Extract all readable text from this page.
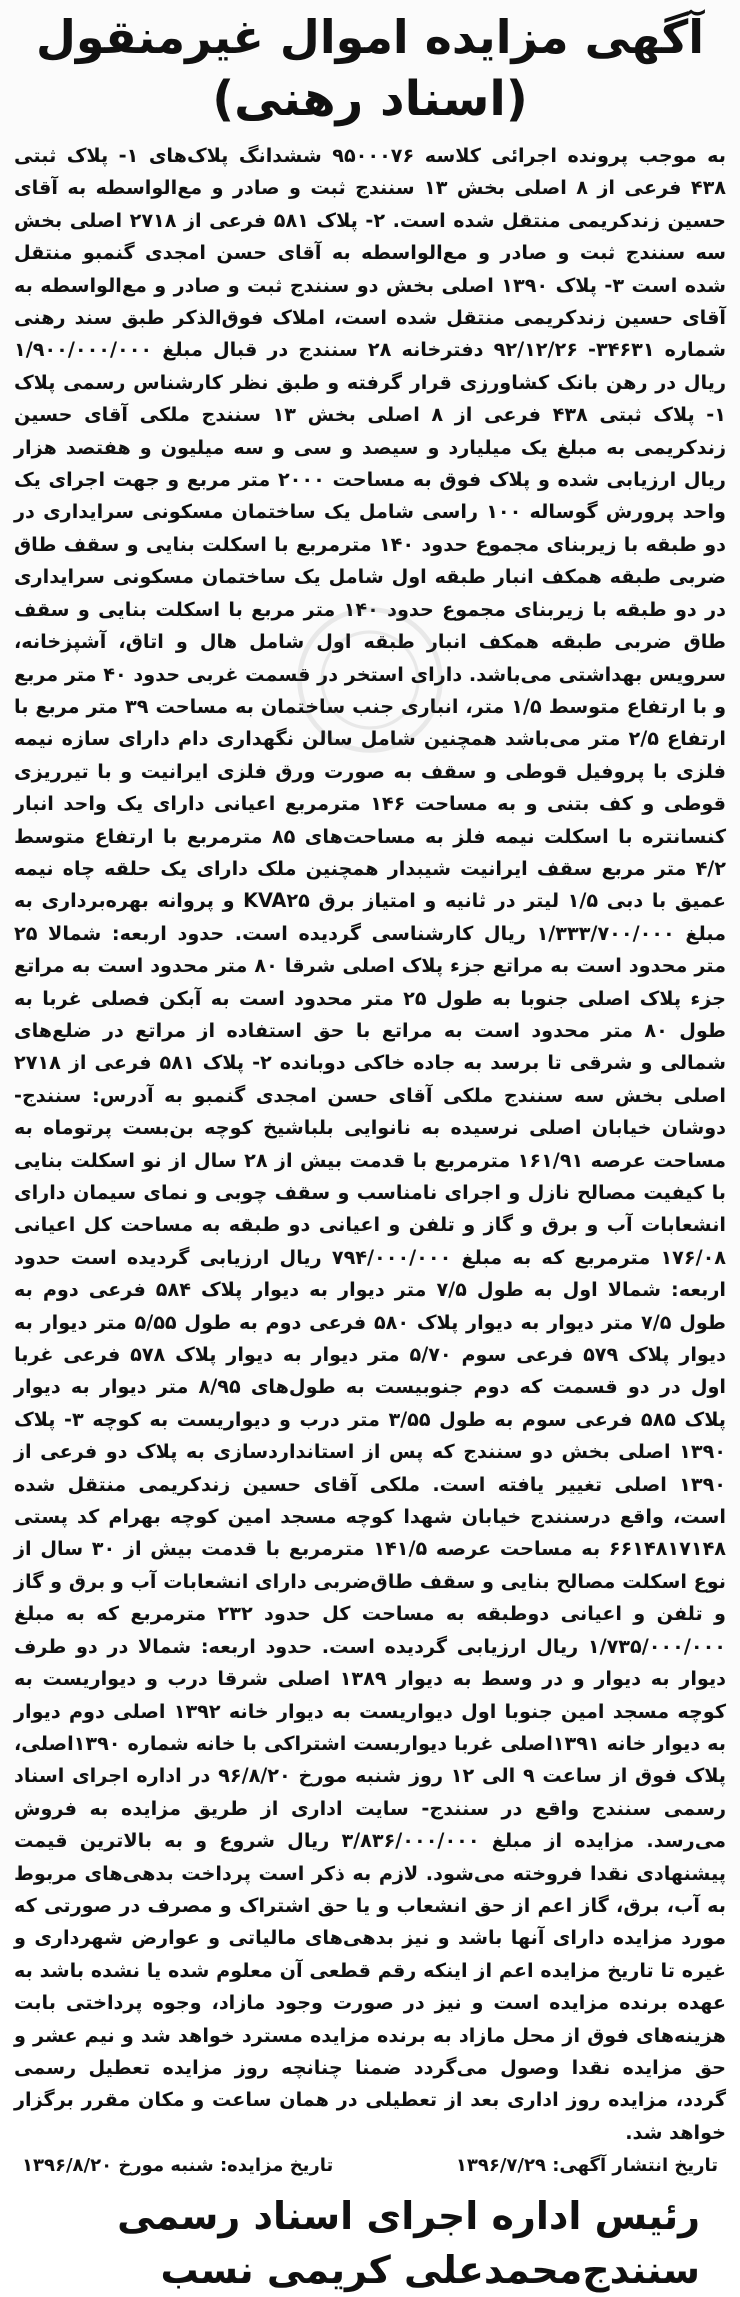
آگهی مزایده اموال غیرمنقول
(اسناد رهنی)

به موجب پرونده اجرائی کلاسه ۹۵۰۰۰۷۶ ششدانگ پلاک‌های ۱- پلاک ثبتی ۴۳۸ فرعی از ۸ اصلی بخش ۱۳ سنندج ثبت و صادر و مع‌الواسطه به آقای حسین زندکریمی منتقل شده است. ۲- پلاک ۵۸۱ فرعی از ۲۷۱۸ اصلی بخش سه سنندج ثبت و صادر و مع‌الواسطه به آقای حسن امجدی گنمبو منتقل شده است ۳- پلاک ۱۳۹۰ اصلی بخش دو سنندج ثبت و صادر و مع‌الواسطه به آقای حسین زندکریمی منتقل شده است، املاک فوق‌الذکر طبق سند رهنی شماره ۳۴۶۳۱- ۹۲/۱۲/۲۶ دفترخانه ۲۸ سنندج در قبال مبلغ ۱/۹۰۰/۰۰۰/۰۰۰ ریال در رهن بانک کشاورزی قرار گرفته و طبق نظر کارشناس رسمی پلاک ۱- پلاک ثبتی ۴۳۸ فرعی از ۸ اصلی بخش ۱۳ سنندج ملکی آقای حسین زندکریمی به مبلغ یک میلیارد و سیصد و سی و سه میلیون و هفتصد هزار ریال ارزیابی شده و پلاک فوق به مساحت ۲۰۰۰ متر مربع و جهت اجرای یک واحد پرورش گوساله ۱۰۰ راسی شامل یک ساختمان مسکونی سرایداری در دو طبقه با زیربنای مجموع حدود ۱۴۰ مترمربع با اسکلت بنایی و سقف طاق ضربی طبقه همکف انبار طبقه اول شامل یک ساختمان مسکونی سرایداری در دو طبقه با زیربنای مجموع حدود ۱۴۰ متر مربع با اسکلت بنایی و سقف طاق ضربی طبقه همکف انبار طبقه اول شامل هال و اتاق، آشپزخانه، سرویس بهداشتی می‌باشد. دارای استخر در قسمت غربی حدود ۴۰ متر مربع و با ارتفاع متوسط ۱/۵ متر، انباری جنب ساختمان به مساحت ۳۹ متر مربع با ارتفاع ۲/۵ متر می‌باشد همچنین شامل سالن نگهداری دام دارای سازه نیمه فلزی با پروفیل قوطی و سقف به صورت ورق فلزی ایرانیت و با تیرریزی قوطی و کف بتنی و به مساحت ۱۴۶ مترمربع اعیانی دارای یک واحد انبار کنسانتره با اسکلت نیمه فلز به مساحت‌های ۸۵ مترمربع با ارتفاع متوسط ۴/۲ متر مربع سقف ایرانیت شیبدار همچنین ملک دارای یک حلقه چاه نیمه عمیق با دبی ۱/۵ لیتر در ثانیه و امتیاز برق KVA۲۵ و پروانه بهره‌برداری به مبلغ ۱/۳۳۳/۷۰۰/۰۰۰ ریال کارشناسی گردیده است. حدود اربعه: شمالا ۲۵ متر محدود است به مراتع جزء پلاک اصلی شرقا ۸۰ متر محدود است به مراتع جزء پلاک اصلی جنوبا به طول ۲۵ متر محدود است به آبکن فصلی غربا به طول ۸۰ متر محدود است به مراتع با حق استفاده از مراتع در ضلع‌های شمالی و شرقی تا برسد به جاده خاکی دوبانده ۲- پلاک ۵۸۱ فرعی از ۲۷۱۸ اصلی بخش سه سنندج ملکی آقای حسن امجدی گنمبو به آدرس: سنندج- دوشان خیابان اصلی نرسیده به نانوایی بلباشیخ کوچه بن‌بست پرتوماه به مساحت عرصه ۱۶۱/۹۱ مترمربع با قدمت بیش از ۲۸ سال از نو اسکلت بنایی با کیفیت مصالح نازل و اجرای نامناسب و سقف چوبی و نمای سیمان دارای انشعابات آب و برق و گاز و تلفن و اعیانی دو طبقه به مساحت کل اعیانی ۱۷۶/۰۸ مترمربع که به مبلغ ۷۹۴/۰۰۰/۰۰۰ ریال ارزیابی گردیده است حدود اربعه: شمالا اول به طول ۷/۵ متر دیوار به دیوار پلاک ۵۸۴ فرعی دوم به طول ۷/۵ متر دیوار به دیوار پلاک ۵۸۰ فرعی دوم به طول ۵/۵۵ متر دیوار به دیوار پلاک ۵۷۹ فرعی سوم ۵/۷۰ متر دیوار به دیوار پلاک ۵۷۸ فرعی غربا اول در دو قسمت که دوم جنوبیست به طول‌های ۸/۹۵ متر دیوار به دیوار پلاک ۵۸۵ فرعی سوم به طول ۳/۵۵ متر درب و دیواریست به کوچه ۳- پلاک ۱۳۹۰ اصلی بخش دو سنندج که پس از استانداردسازی به پلاک دو فرعی از ۱۳۹۰ اصلی تغییر یافته است. ملکی آقای حسین زندکریمی منتقل شده است، واقع درسنندج خیابان شهدا کوچه مسجد امین کوچه بهرام کد پستی ۶۶۱۴۸۱۷۱۴۸ به مساحت عرصه ۱۴۱/۵ مترمربع با قدمت بیش از ۳۰ سال از نوع اسکلت مصالح بنایی و سقف طاق‌ضربی دارای انشعابات آب و برق و گاز و تلفن و اعیانی دوطبقه به مساحت کل حدود ۲۳۲ مترمربع که به مبلغ ۱/۷۳۵/۰۰۰/۰۰۰ ریال ارزیابی گردیده است. حدود اربعه: شمالا در دو طرف دیوار به دیوار و در وسط به دیوار ۱۳۸۹ اصلی شرقا درب و دیواریست به کوچه مسجد امین جنوبا اول دیواریست به دیوار خانه ۱۳۹۲ اصلی دوم دیوار به دیوار خانه ۱۳۹۱اصلی غربا دیواربست اشتراکی با خانه شماره ۱۳۹۰اصلی، پلاک فوق از ساعت ۹ الی ۱۲ روز شنبه مورخ ۹۶/۸/۲۰ در اداره اجرای اسناد رسمی سنندج واقع در سنندج- سایت اداری از طریق مزایده به فروش می‌رسد. مزایده از مبلغ ۳/۸۳۶/۰۰۰/۰۰۰ ریال شروع و به بالاترین قیمت پیشنهادی نقدا فروخته می‌شود. لازم به ذکر است پرداخت بدهی‌های مربوط به آب، برق، گاز اعم از حق انشعاب و یا حق اشتراک و مصرف در صورتی که مورد مزایده دارای آنها باشد و نیز بدهی‌های مالیاتی و عوارض شهرداری و غیره تا تاریخ مزایده اعم از اینکه رقم قطعی آن معلوم شده یا نشده باشد به عهده برنده مزایده است و نیز در صورت وجود مازاد، وجوه پرداختی بابت هزینه‌های فوق از محل مازاد به برنده مزایده مسترد خواهد شد و نیم عشر و حق مزایده نقدا وصول می‌گردد ضمنا چنانچه روز مزایده تعطیل رسمی گردد، مزایده روز اداری بعد از تعطیلی در همان ساعت و مکان مقرر برگزار خواهد شد.

تاریخ انتشار آگهی: ۱۳۹۶/۷/۲۹
تاریخ مزایده: شنبه مورخ ۱۳۹۶/۸/۲۰
رئیس اداره اجرای اسناد رسمی
سنندج‌محمدعلی کریمی نسب
